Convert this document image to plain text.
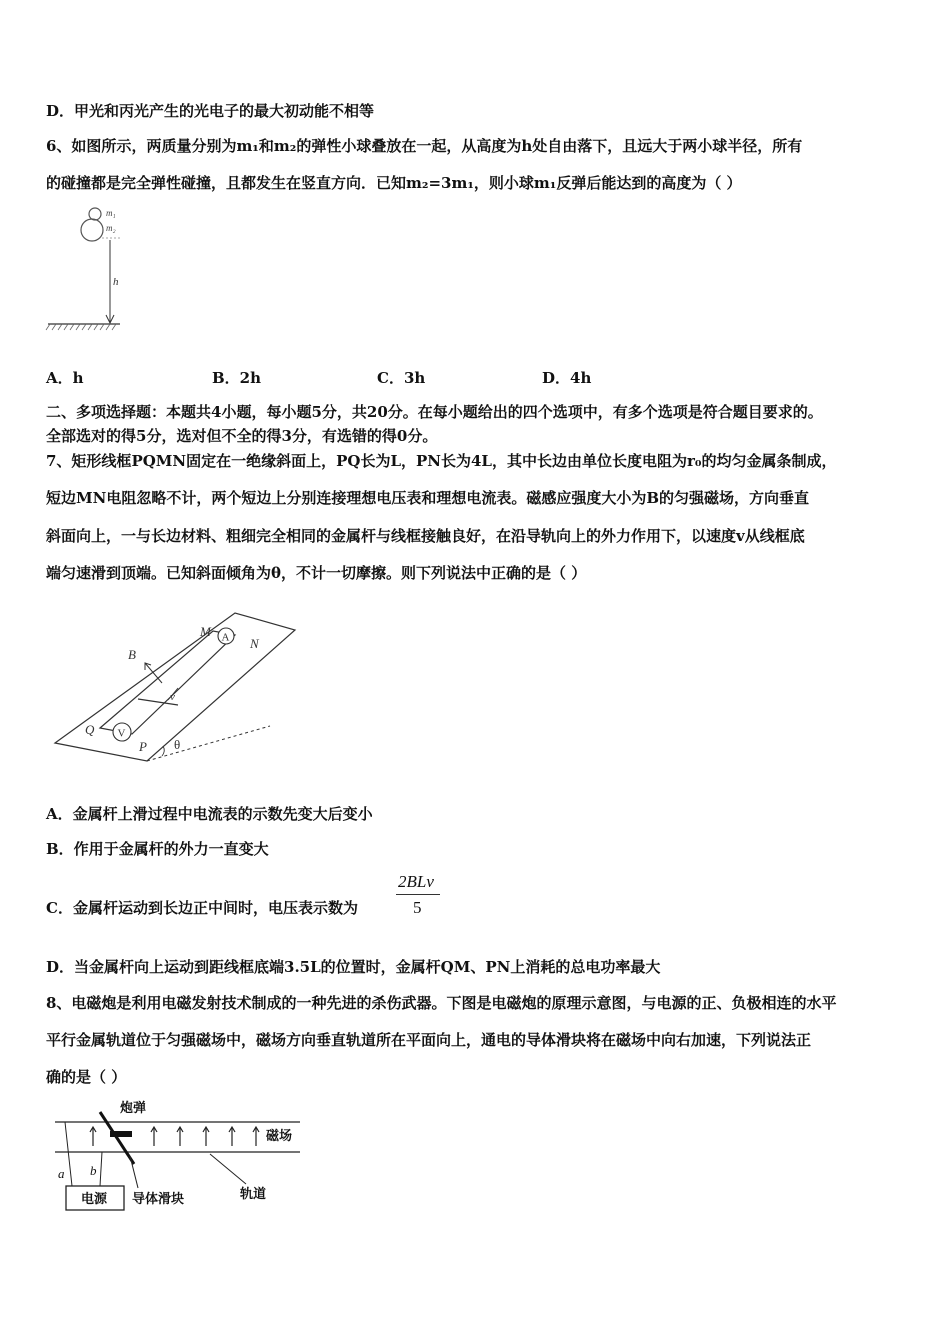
D．甲光和丙光产生的光电子的最大初动能不相等
6、如图所示，两质量分别为m₁和m₂的弹性小球叠放在一起，从高度为h处自由落下，且远大于两小球半径，所有
的碰撞都是完全弹性碰撞，且都发生在竖直方向．已知m₂=3m₁，则小球m₁反弹后能达到的高度为（ ）
m₁
m₂
h
A．h	B．2h	C．3h	D．4h
二、多项选择题：本题共4小题，每小题5分，共20分。在每小题给出的四个选项中，有多个选项是符合题目要求的。
全部选对的得5分，选对但不全的得3分，有选错的得0分。
7、矩形线框PQMN固定在一绝缘斜面上，PQ长为L，PN长为4L，其中长边由单位长度电阻为r₀的均匀金属条制成，
短边MN电阻忽略不计，两个短边上分别连接理想电压表和理想电流表。磁感应强度大小为B的匀强磁场，方向垂直
斜面向上，一与长边材料、粗细完全相同的金属杆与线框接触良好，在沿导轨向上的外力作用下，以速度v从线框底
端匀速滑到顶端。已知斜面倾角为θ，不计一切摩擦。则下列说法中正确的是（ ）
B
v
A
M
N
V
Q
P θ
A．金属杆上滑过程中电流表的示数先变大后变小
B．作用于金属杆的外力一直变大
C．金属杆运动到长边正中间时，电压表示数为
2BLv
5
D．当金属杆向上运动到距线框底端3.5L的位置时，金属杆QM、PN上消耗的总电功率最大
8、电磁炮是利用电磁发射技术制成的一种先进的杀伤武器。下图是电磁炮的原理示意图，与电源的正、负极相连的水平
平行金属轨道位于匀强磁场中，磁场方向垂直轨道所在平面向上，通电的导体滑块将在磁场中向右加速，下列说法正
确的是（ ）
炮弹
磁场
a b
电源 导体滑块	轨道
